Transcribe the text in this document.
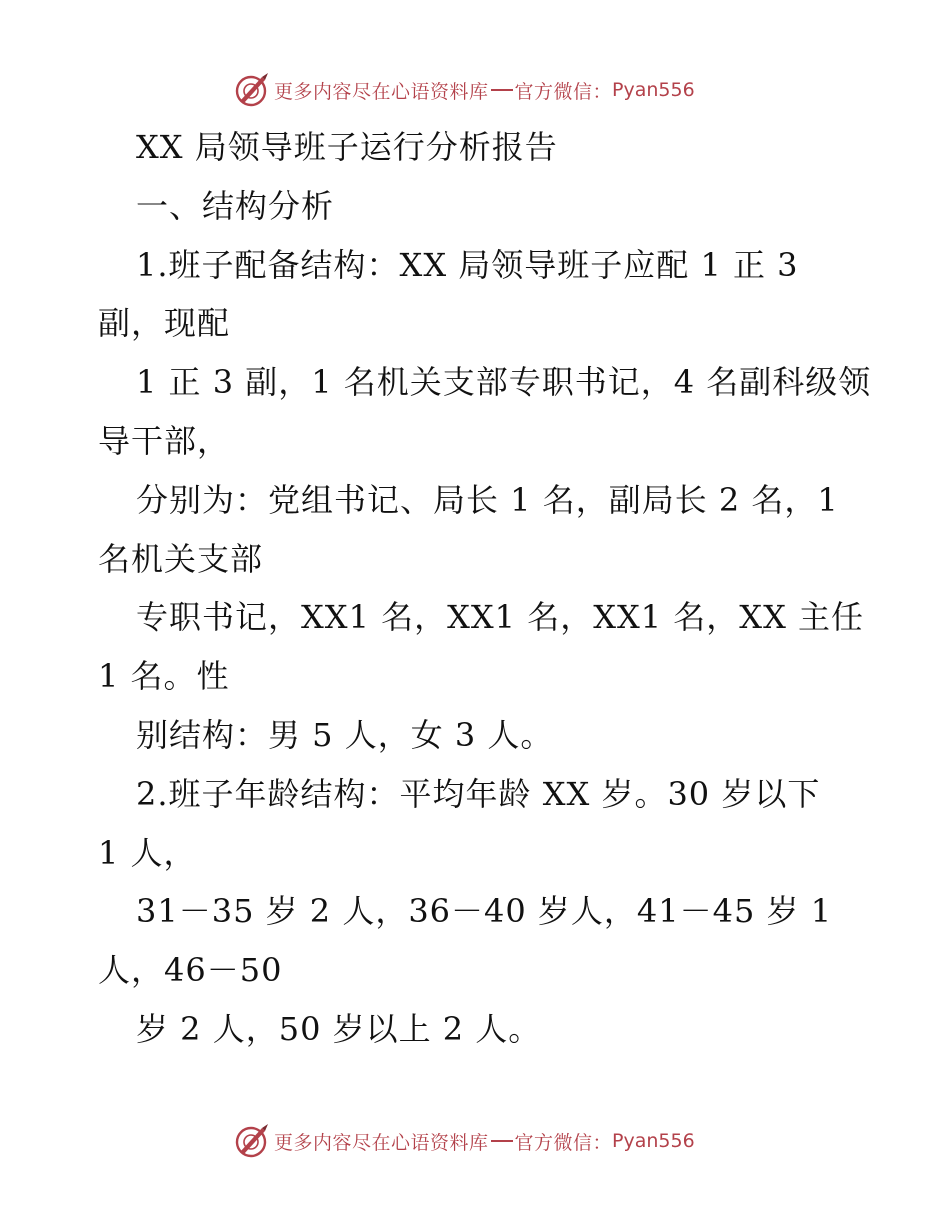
更多内容尽在心语资料库 官方微信： Pyan556
XX 局领导班子运行分析报告
一、结构分析
1.班子配备结构：XX 局领导班子应配 1 正 3
副，现配
1 正 3 副，1 名机关支部专职书记，4 名副科级领
导干部，
分别为：党组书记、局长 1 名，副局长 2 名，1
名机关支部
专职书记，XX1 名，XX1 名，XX1 名，XX 主任
1 名。性
别结构：男 5 人，女 3 人。
2.班子年龄结构：平均年龄 XX 岁。30 岁以下
1 人，
31－35 岁 2 人，36－40 岁人，41－45 岁 1
人，46－50
岁 2 人，50 岁以上 2 人。
更多内容尽在心语资料库 官方微信： Pyan556
